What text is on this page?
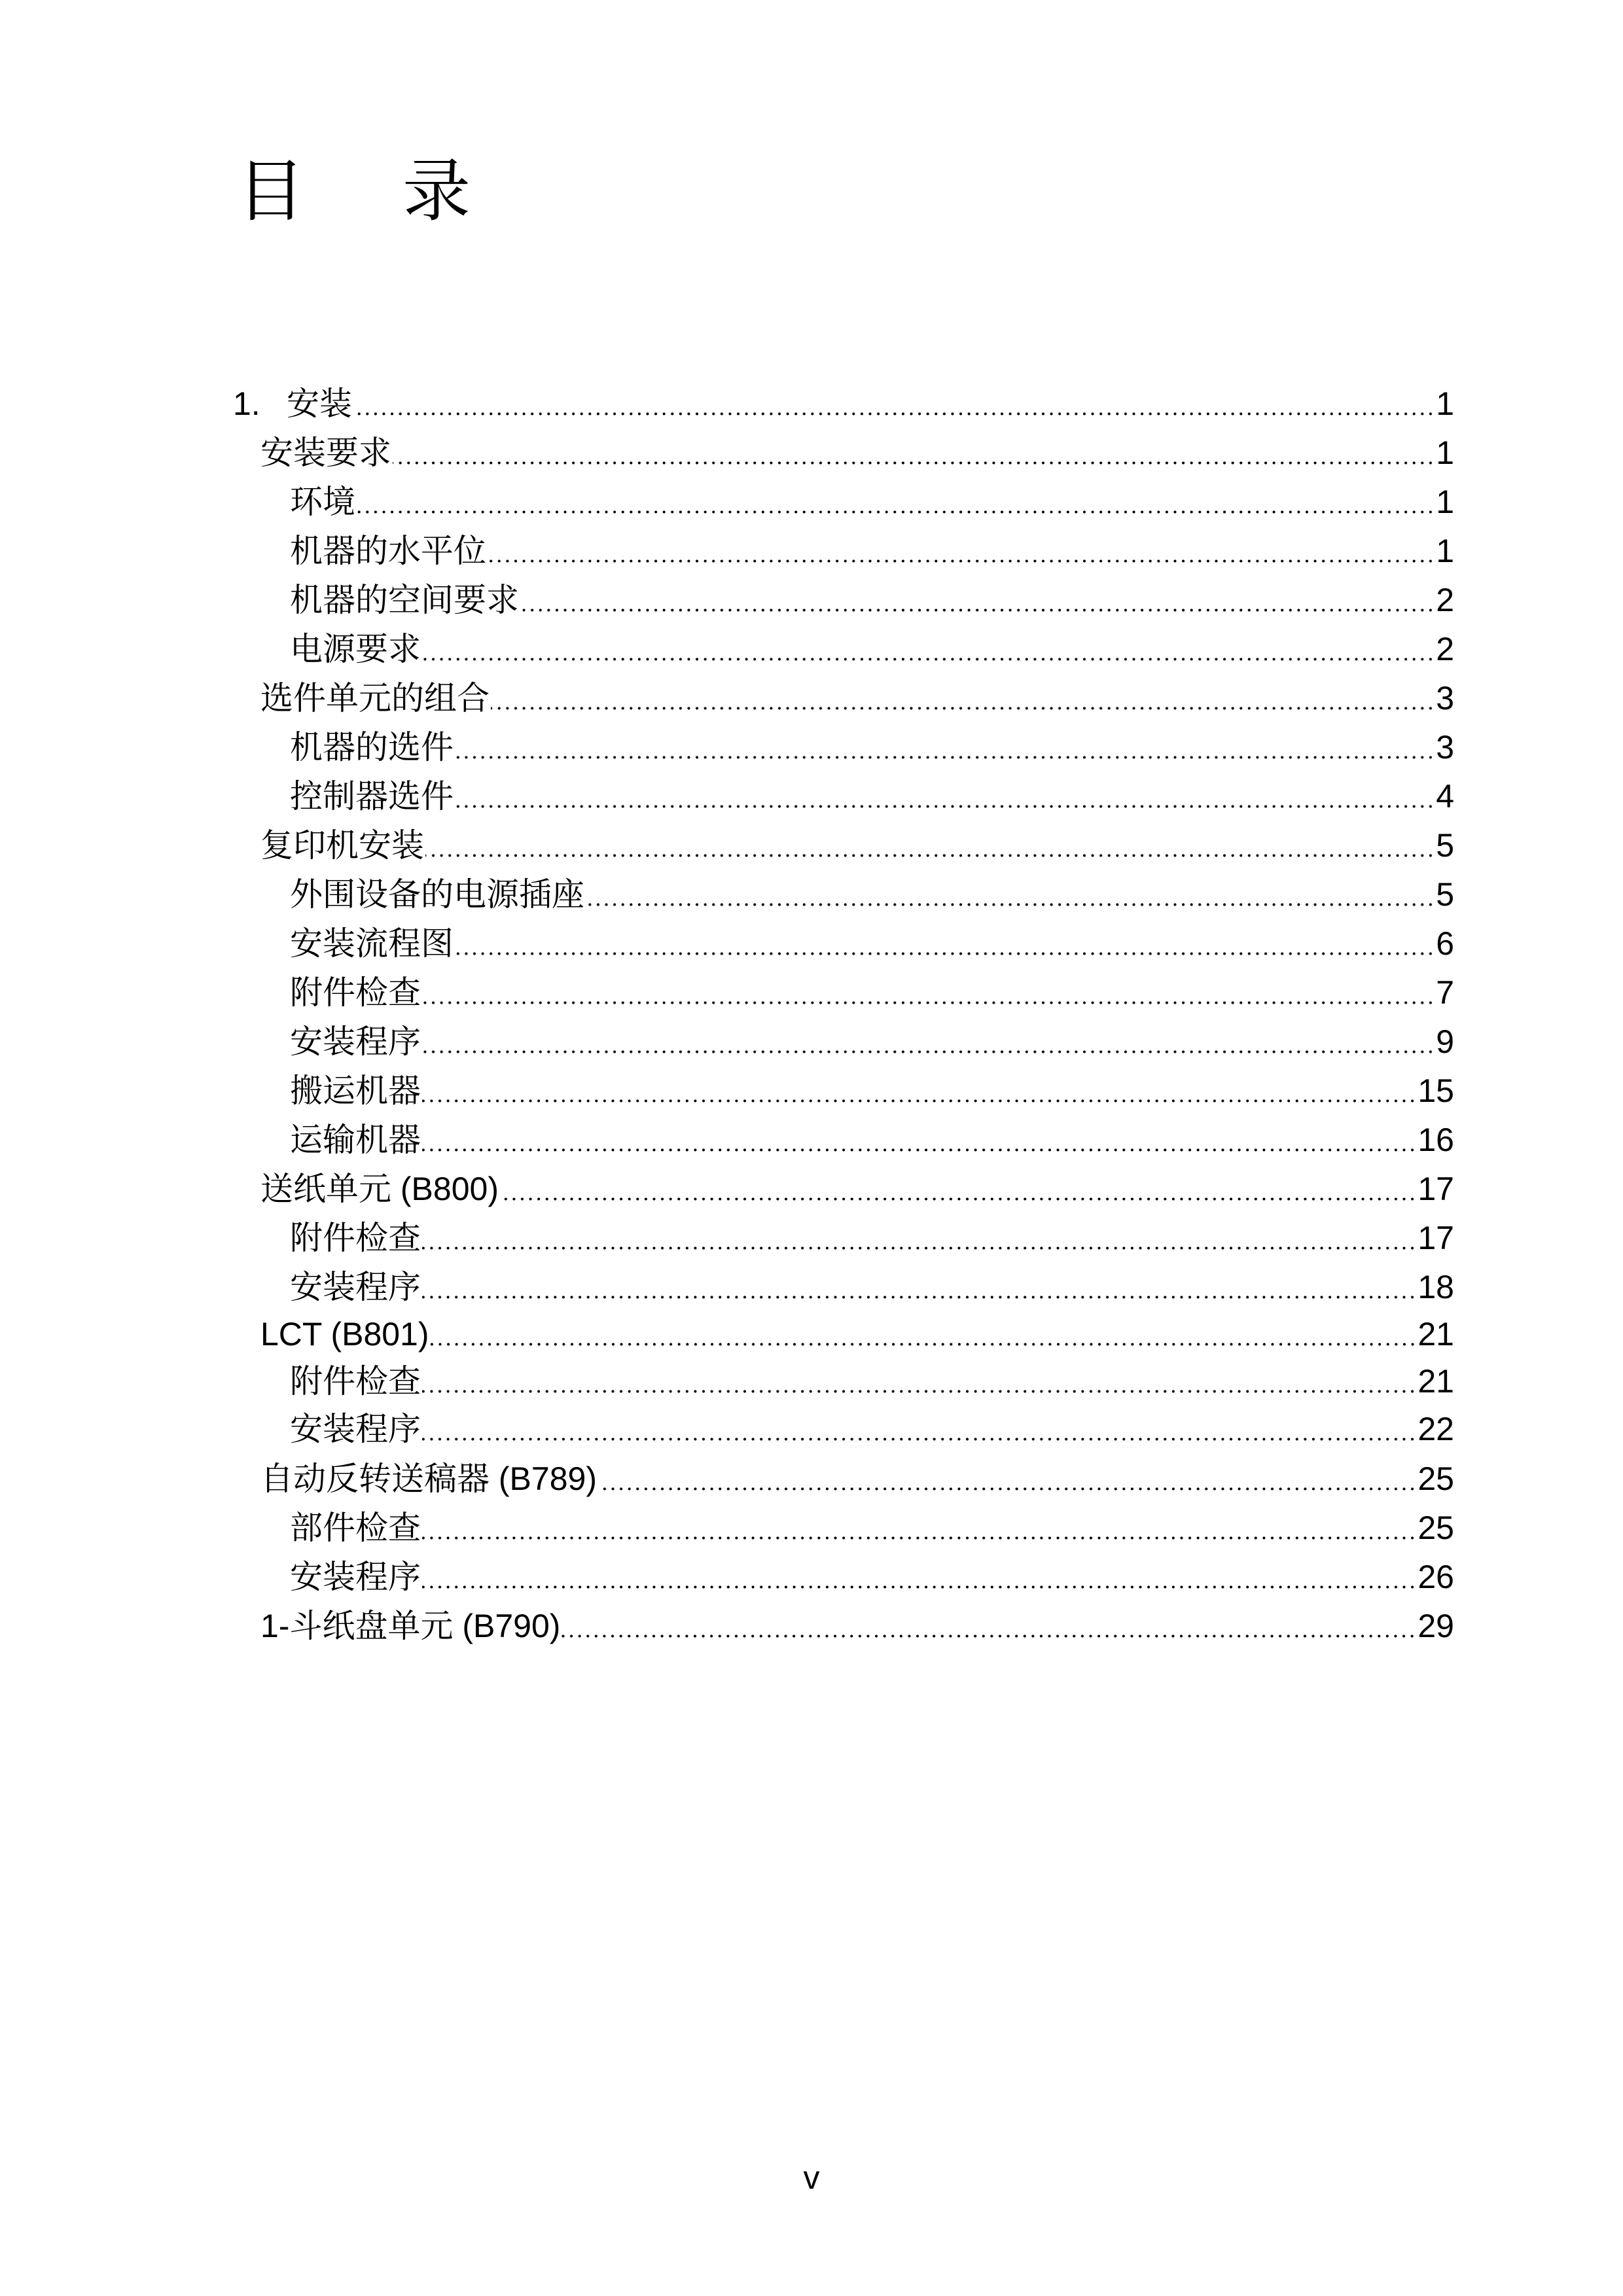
目 录
1. 安装	1
安装要求	1
环境	1
机器的水平位	1
机器的空间要求	2
电源要求	2
选件单元的组合	3
机器的选件	3
控制器选件	4
复印机安装	5
外围设备的电源插座	5
安装流程图	6
附件检查	7
安装程序	9
搬运机器	15
运输机器	16
送纸单元 (B800)	17
附件检查	17
安装程序	18
LCT (B801)	21
附件检查	21
安装程序	22
自动反转送稿器 (B789)	25
部件检查	25
安装程序	26
1-斗纸盘单元 (B790)	29
v
